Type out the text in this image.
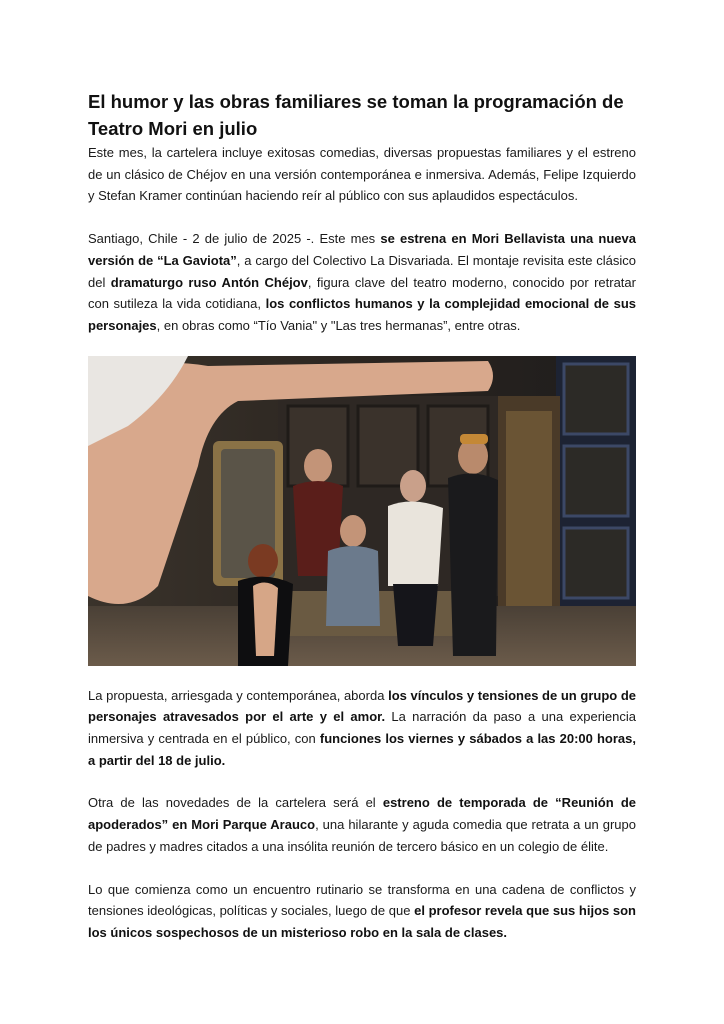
El humor y las obras familiares se toman la programación de Teatro Mori en julio

Este mes, la cartelera incluye exitosas comedias, diversas propuestas familiares y el estreno de un clásico de Chéjov en una versión contemporánea e inmersiva. Además, Felipe Izquierdo y Stefan Kramer continúan haciendo reír al público con sus aplaudidos espectáculos.

Santiago, Chile - 2 de julio de 2025 -. Este mes se estrena en Mori Bellavista una nueva versión de “La Gaviota”, a cargo del Colectivo La Disvariada. El montaje revisita este clásico del dramaturgo ruso Antón Chéjov, figura clave del teatro moderno, conocido por retratar con sutileza la vida cotidiana, los conflictos humanos y la complejidad emocional de sus personajes, en obras como “Tío Vania" y "Las tres hermanas”, entre otras.

La propuesta, arriesgada y contemporánea, aborda los vínculos y tensiones de un grupo de personajes atravesados por el arte y el amor. La narración da paso a una experiencia inmersiva y centrada en el público, con funciones los viernes y sábados a las 20:00 horas, a partir del 18 de julio.

Otra de las novedades de la cartelera será el estreno de temporada de “Reunión de apoderados” en Mori Parque Arauco, una hilarante y aguda comedia que retrata a un grupo de padres y madres citados a una insólita reunión de tercero básico en un colegio de élite.

Lo que comienza como un encuentro rutinario se transforma en una cadena de conflictos y tensiones ideológicas, políticas y sociales, luego de que el profesor revela que sus hijos son los únicos sospechosos de un misterioso robo en la sala de clases.
